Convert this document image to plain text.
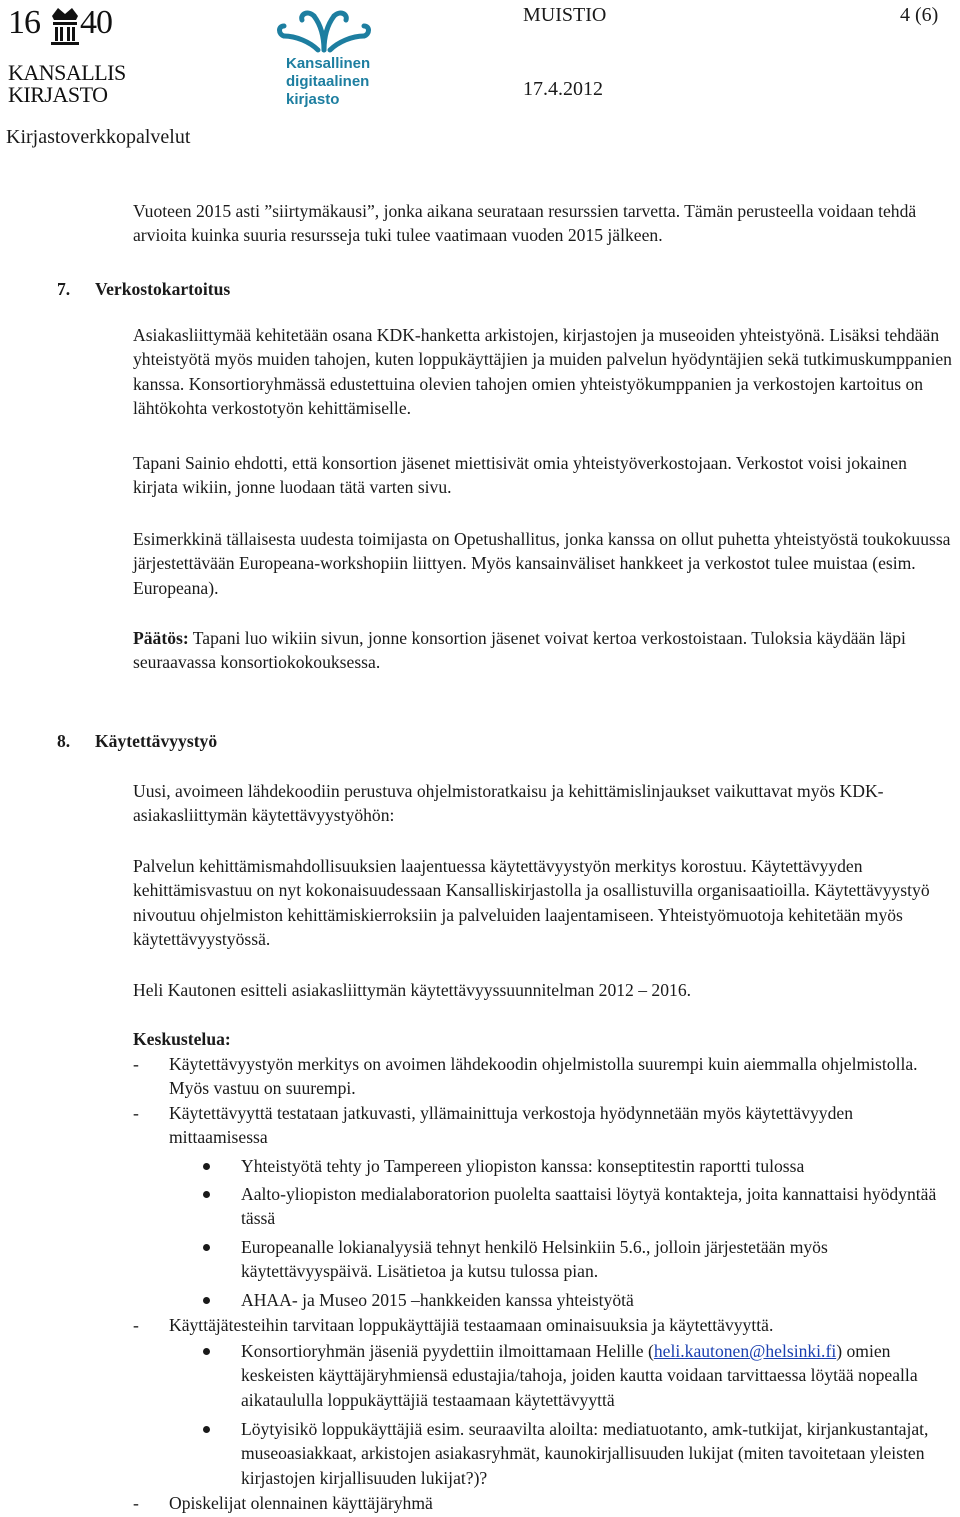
16 40
KANSALLIS
KIRJASTO
Kansallinen
digitaalinen
kirjasto
MUISTIO	4 (6)
17.4.2012
Kirjastoverkkopalvelut

Vuoteen 2015 asti ”siirtymäkausi”, jonka aikana seurataan resurssien tarvetta. Tämän perusteella voidaan tehdä arvioita kuinka suuria resursseja tuki tulee vaatimaan vuoden 2015 jälkeen.

7. Verkostokartoitus

Asiakasliittymää kehitetään osana KDK-hanketta arkistojen, kirjastojen ja museoiden yhteistyönä. Lisäksi tehdään yhteistyötä myös muiden tahojen, kuten loppukäyttäjien ja muiden palvelun hyödyntäjien sekä tutkimuskumppanien kanssa. Konsortioryhmässä edustettuina olevien tahojen omien yhteistyökumppanien ja verkostojen kartoitus on lähtökohta verkostotyön kehittämiselle.

Tapani Sainio ehdotti, että konsortion jäsenet miettisivät omia yhteistyöverkostojaan. Verkostot voisi jokainen kirjata wikiin, jonne luodaan tätä varten sivu.

Esimerkkinä tällaisesta uudesta toimijasta on Opetushallitus, jonka kanssa on ollut puhetta yhteistyöstä toukokuussa järjestettävään Europeana-workshopiin liittyen. Myös kansainväliset hankkeet ja verkostot tulee muistaa (esim. Europeana).

Päätös: Tapani luo wikiin sivun, jonne konsortion jäsenet voivat kertoa verkostoistaan. Tuloksia käydään läpi seuraavassa konsortiokokouksessa.

8. Käytettävyystyö

Uusi, avoimeen lähdekoodiin perustuva ohjelmistoratkaisu ja kehittämislinjaukset vaikuttavat myös KDK-asiakasliittymän käytettävyystyöhön:

Palvelun kehittämismahdollisuuksien laajentuessa käytettävyystyön merkitys korostuu. Käytettävyyden kehittämisvastuu on nyt kokonaisuudessaan Kansalliskirjastolla ja osallistuvilla organisaatioilla. Käytettävyystyö nivoutuu ohjelmiston kehittämiskierroksiin ja palveluiden laajentamiseen. Yhteistyömuotoja kehitetään myös käytettävyystyössä.

Heli Kautonen esitteli asiakasliittymän käytettävyyssuunnitelman 2012 – 2016.

Keskustelua:

- Käytettävyystyön merkitys on avoimen lähdekoodin ohjelmistolla suurempi kuin aiemmalla ohjelmistolla. Myös vastuu on suurempi.
- Käytettävyyttä testataan jatkuvasti, yllämainittuja verkostoja hyödynnetään myös käytettävyyden mittaamisessa
Yhteistyötä tehty jo Tampereen yliopiston kanssa: konseptitestin raportti tulossa
Aalto-yliopiston medialaboratorion puolelta saattaisi löytyä kontakteja, joita kannattaisi hyödyntää tässä
Europeanalle lokianalyysiä tehnyt henkilö Helsinkiin 5.6., jolloin järjestetään myös käytettävyyspäivä. Lisätietoa ja kutsu tulossa pian.
AHAA- ja Museo 2015 –hankkeiden kanssa yhteistyötä
- Käyttäjätesteihin tarvitaan loppukäyttäjiä testaamaan ominaisuuksia ja käytettävyyttä.
Konsortioryhmän jäseniä pyydettiin ilmoittamaan Helille (heli.kautonen@helsinki.fi) omien keskeisten käyttäjäryhmiensä edustajia/tahoja, joiden kautta voidaan tarvittaessa löytää nopealla aikataululla loppukäyttäjiä testaamaan käytettävyyttä
Löytyisikö loppukäyttäjiä esim. seuraavilta aloilta: mediatuotanto, amk-tutkijat, kirjankustantajat, museoasiakkaat, arkistojen asiakasryhmät, kaunokirjallisuuden lukijat (miten tavoitetaan yleisten kirjastojen kirjallisuuden lukijat?)?
- Opiskelijat olennainen käyttäjäryhmä
